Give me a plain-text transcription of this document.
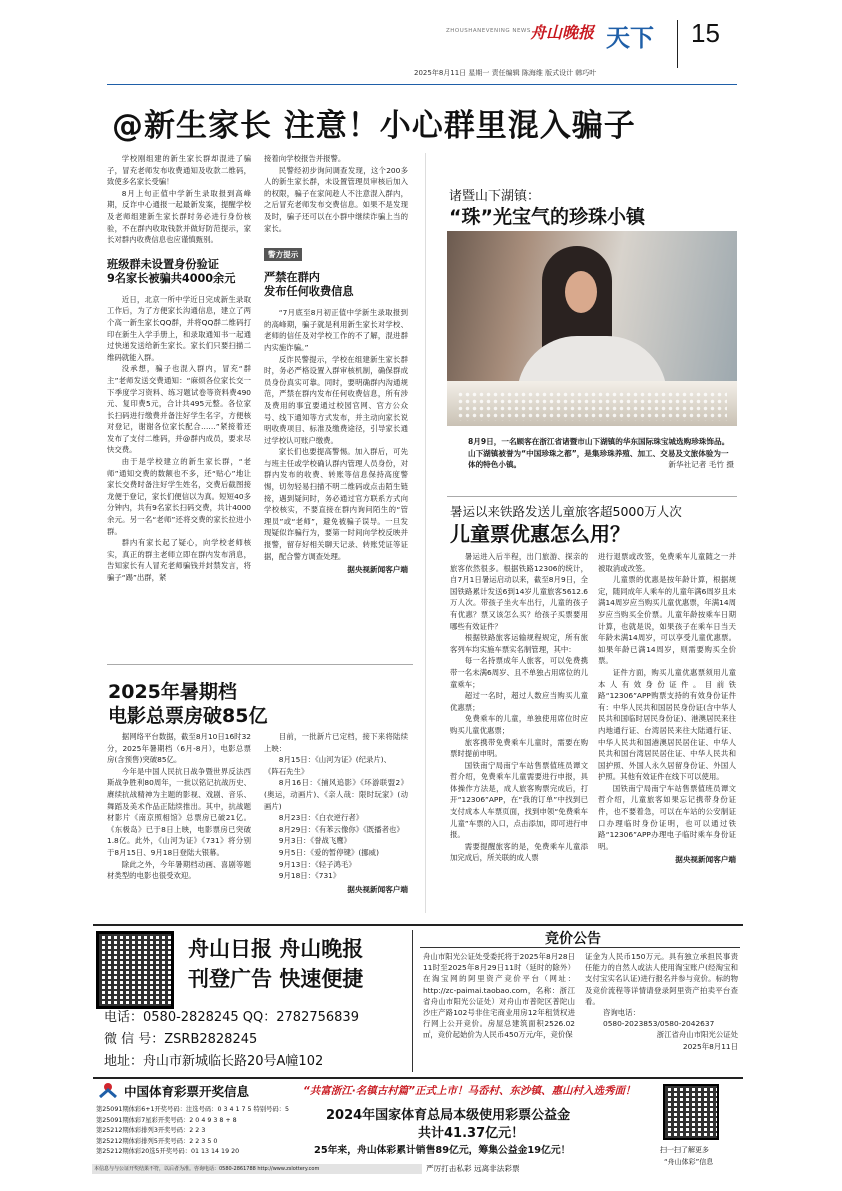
ZHOUSHANEVENING NEWS 舟山晚报 天下 15
2025年8月11日 星期一 责任编辑 陈海维 版式设计 韩巧叶
@新生家长 注意！小心群里混入骗子

学校刚组建的新生家长群却混进了骗子，冒充老师发布收费通知及收款二维码，致使多名家长受骗！

8月上旬正值中学新生录取报到高峰期，反诈中心通报一起最新发案，提醒学校及老师组建新生家长群时务必进行身份核验，不在群内收取钱款并做好防范提示，家长对群内收费信息也应谨慎甄别。

班级群未设置身份验证
9名家长被骗共4000余元

近日，北京一所中学近日完成新生录取工作后，为了方便家长沟通信息，建立了两个高一新生家长QQ群，并将QQ群二维码打印在新生入学手册上，和录取通知书一起通过快递发送给新生家长。家长们只要扫描二维码就能入群。

没承想，骗子也混入群内，冒充“群主”老师发送交费通知：“麻烦各位家长交一下季度学习资料、练习题试卷等资料费490元、复印费5元，合计共495元整。各位家长扫码进行缴费并备注好学生名字，方便核对登记，谢谢各位家长配合……”紧接着还发布了支付二维码，并@群内成员，要求尽快交费。

由于是学校建立的新生家长群，“老师”通知交费的数额也不多，还“贴心”地让家长交费时备注好学生姓名，交费后截图接龙便于登记，家长们便信以为真。短短40多分钟内，共有9名家长扫码交费，共计4000余元。另一名“老师”还将交费的家长拉进小群。

群内有家长起了疑心，向学校老师核实，真正的群主老师立即在群内发布消息，告知家长有人冒充老师骗钱并封禁发言，将骗子“踢”出群，紧

接着向学校报告并报警。

民警经初步询问调查发现，这个200多人的新生家长群，未设置管理员审核后加入的权限，骗子在家间趁人不注意混入群内，之后冒充老师发布交费信息。如果不是发现及时，骗子还可以在小群中继续诈骗上当的家长。

警方提示
严禁在群内
发布任何收费信息

“7月底至8月初正值中学新生录取报到的高峰期，骗子就是利用新生家长对学校、老师的信任及对学校工作的不了解，混进群内实施诈骗。”

反诈民警提示，学校在组建新生家长群时，务必严格设置入群审核机制，确保群成员身份真实可靠。同时，要明确群内沟通规范，严禁在群内发布任何收费信息，所有涉及费用的事宜要通过校园官网、官方公众号、线下通知等方式发布，并主动向家长说明收费项目、标准及缴费途径，引导家长通过学校认可账户缴费。

家长们也要提高警惕。加入群后，可先与班主任或学校确认群内管理人员身份，对群内发布的收费、转账等信息保持高度警惕，切勿轻易扫描不明二维码或点击陌生链接，遇到疑问时，务必通过官方联系方式向学校核实，不要直接在群内询问陌生的“管理员”或“老师”，避免被骗子误导。一旦发现疑似诈骗行为，要第一时间向学校反映并报警，留存好相关聊天记录、转账凭证等证据，配合警方调查处理。

据央视新闻客户端
诸暨山下湖镇：
“珠”光宝气的珍珠小镇
8月9日，一名顾客在浙江省诸暨市山下湖镇的华东国际珠宝城选购珍珠饰品。山下湖镇被誉为“中国珍珠之都”，是集珍珠养殖、加工、交易及文旅体验为一体的特色小镇。	新华社记者 毛竹 摄
暑运以来铁路发送儿童旅客超5000万人次
儿童票优惠怎么用？

暑运进入后半程，出门旅游、探亲的旅客依然很多。根据铁路12306的统计，自7月1日暑运启动以来，截至8月9日，全国铁路累计发送6到14岁儿童旅客5612.6万人次。带孩子坐火车出行，儿童的孩子有优惠？票又该怎么买？给孩子买票要用哪些有效证件？

根据铁路旅客运输规程规定，所有旅客列车均实施车票实名制管理，其中：

每一名持票成年人旅客，可以免费携带一名未满6周岁、且不单独占用席位的儿童乘车；

超过一名时，超过人数应当购买儿童优惠票；

免费乘车的儿童，单独使用席位时应购买儿童优惠票；

旅客携带免费乘车儿童时，需要在购票时提前申明。

国铁南宁局南宁车站售票值班员谭文哲介绍，免费乘车儿童需要进行申报，具体操作方法是，成人旅客购票完成后，打开“12306”APP，在“我的订单”中找到已支付成本人车票页面，找到申领“免费乘车儿童”车票的入口，点击添加，即可进行申报。

需要提醒旅客的是，免费乘车儿童添加完成后，所关联的成人票

进行退票或改签，免费乘车儿童随之一并被取消或改签。

儿童票的优惠是按年龄计算，根据规定，随同成年人乘车的儿童年满6周岁且未满14周岁应当购买儿童优惠票，年满14周岁应当购买全价票。儿童年龄按乘车日期计算，也就是说，如果孩子在乘车日当天年龄未满14周岁，可以享受儿童优惠票。如果年龄已满14周岁，则需要购买全价票。

证件方面，购买儿童优惠票须用儿童本人有效身份证件。目前铁路“12306”APP购票支持的有效身份证件有：中华人民共和国居民身份证(含中华人民共和国临时居民身份证)、港澳居民来往内地通行证、台湾居民来往大陆通行证、中华人民共和国港澳居民居住证、中华人民共和国台湾居民居住证、中华人民共和国护照、外国人永久居留身份证、外国人护照。其他有效证件在线下可以使用。

国铁南宁局南宁车站售票值班员谭文哲介绍，儿童旅客如果忘记携带身份证件，也不要着急，可以在车站的公安制证口办理临时身份证明，也可以通过铁路“12306”APP办理电子临时乘车身份证明。

据央视新闻客户端
2025年暑期档
电影总票房破85亿

据网络平台数据，截至8月10日16时32分，2025年暑期档（6月-8月），电影总票房(含预售)突破85亿。

今年是中国人民抗日战争暨世界反法西斯战争胜利80周年，一批以铭记抗战历史、赓续抗战精神为主题的影视、戏剧、音乐、舞蹈及美术作品正陆续推出。其中，抗战题材影片《南京照相馆》总票房已破21亿。《东极岛》已于8日上映，电影票房已突破1.8亿。此外，《山河为证》《731》将分别于8月15日、9月18日登陆大银幕。

除此之外，今年暑期档动画、喜剧等题材类型的电影也很受欢迎。

目前，一批新片已定档，接下来将陆续上映：

8月15日：《山河为证》(纪录片)、

《阵石先生》

8月16日：《捕风追影》《环游联盟2》(奥运，动画片)、《亲人哉：限时玩家》(动画片)

8月23日：《白衣逆行者》

8月29日：《有苯云像你》《既播者也》

9月3日：《誉战飞鹰》

9月5日：《爱的暂停键》(挪威)

9月13日：《轻子鸿毛》

9月18日：《731》

据央视新闻客户端
舟山日报 舟山晚报
刊登广告 快速便捷
电话：0580-2828245 QQ：2782756839
微 信 号：ZSRB2828245
地址：舟山市新城临长路20号A幢102
竞价公告
舟山市阳光公证处受委托将于2025年8月28日11时至2025年8月29日11时（延时的除外）在淘宝网的阿里资产竞价平台（网址：http://zc-paimai.taobao.com，名称：浙江省舟山市阳光公证处）对舟山市普陀区普陀山沙庄产路102号非住宅商业用房12年租赁权进行网上公开竞价。房屋总建筑面积2526.02㎡，竞价起始价为人民币450万元/年，竞价保

证金为人民币150万元。具有独立承担民事责任能力的自然人或法人使用淘宝账户(经淘宝和支付宝实名认证)进行报名并参与竞价。标的物及竞价流程等详情请登录阿里资产拍卖平台查看。

咨询电话：

0580-2023853/0580-2042637

浙江省舟山市阳光公证处

2025年8月11日

中国体育彩票开奖信息
第25091期体彩6+1开奖号码：注选号码：0 3 4 1 7 5 特别号码：5
第25091期体彩7星彩开奖号码：2 0 4 9 3 8 + 8
第25212期体彩排列3开奖号码：2 2 3
第25212期体彩排列5开奖号码：2 2 3 5 0
第25212期体彩20选5开奖号码：01 13 14 19 20
本信息与与公证开奖结果不符，以后者为准。咨询电话：0580-2861788 http://www.zslottery.com
“共富浙江·名镇古村篇”正式上市！马岙村、东沙镇、惠山村入选秀面！
2024年国家体育总局本级使用彩票公益金
共计41.37亿元！
25年来，舟山体彩累计销售89亿元，筹集公益金19亿元！
严厉打击私彩 远离非法彩票
扫一扫了解更多
“舟山体彩”信息
